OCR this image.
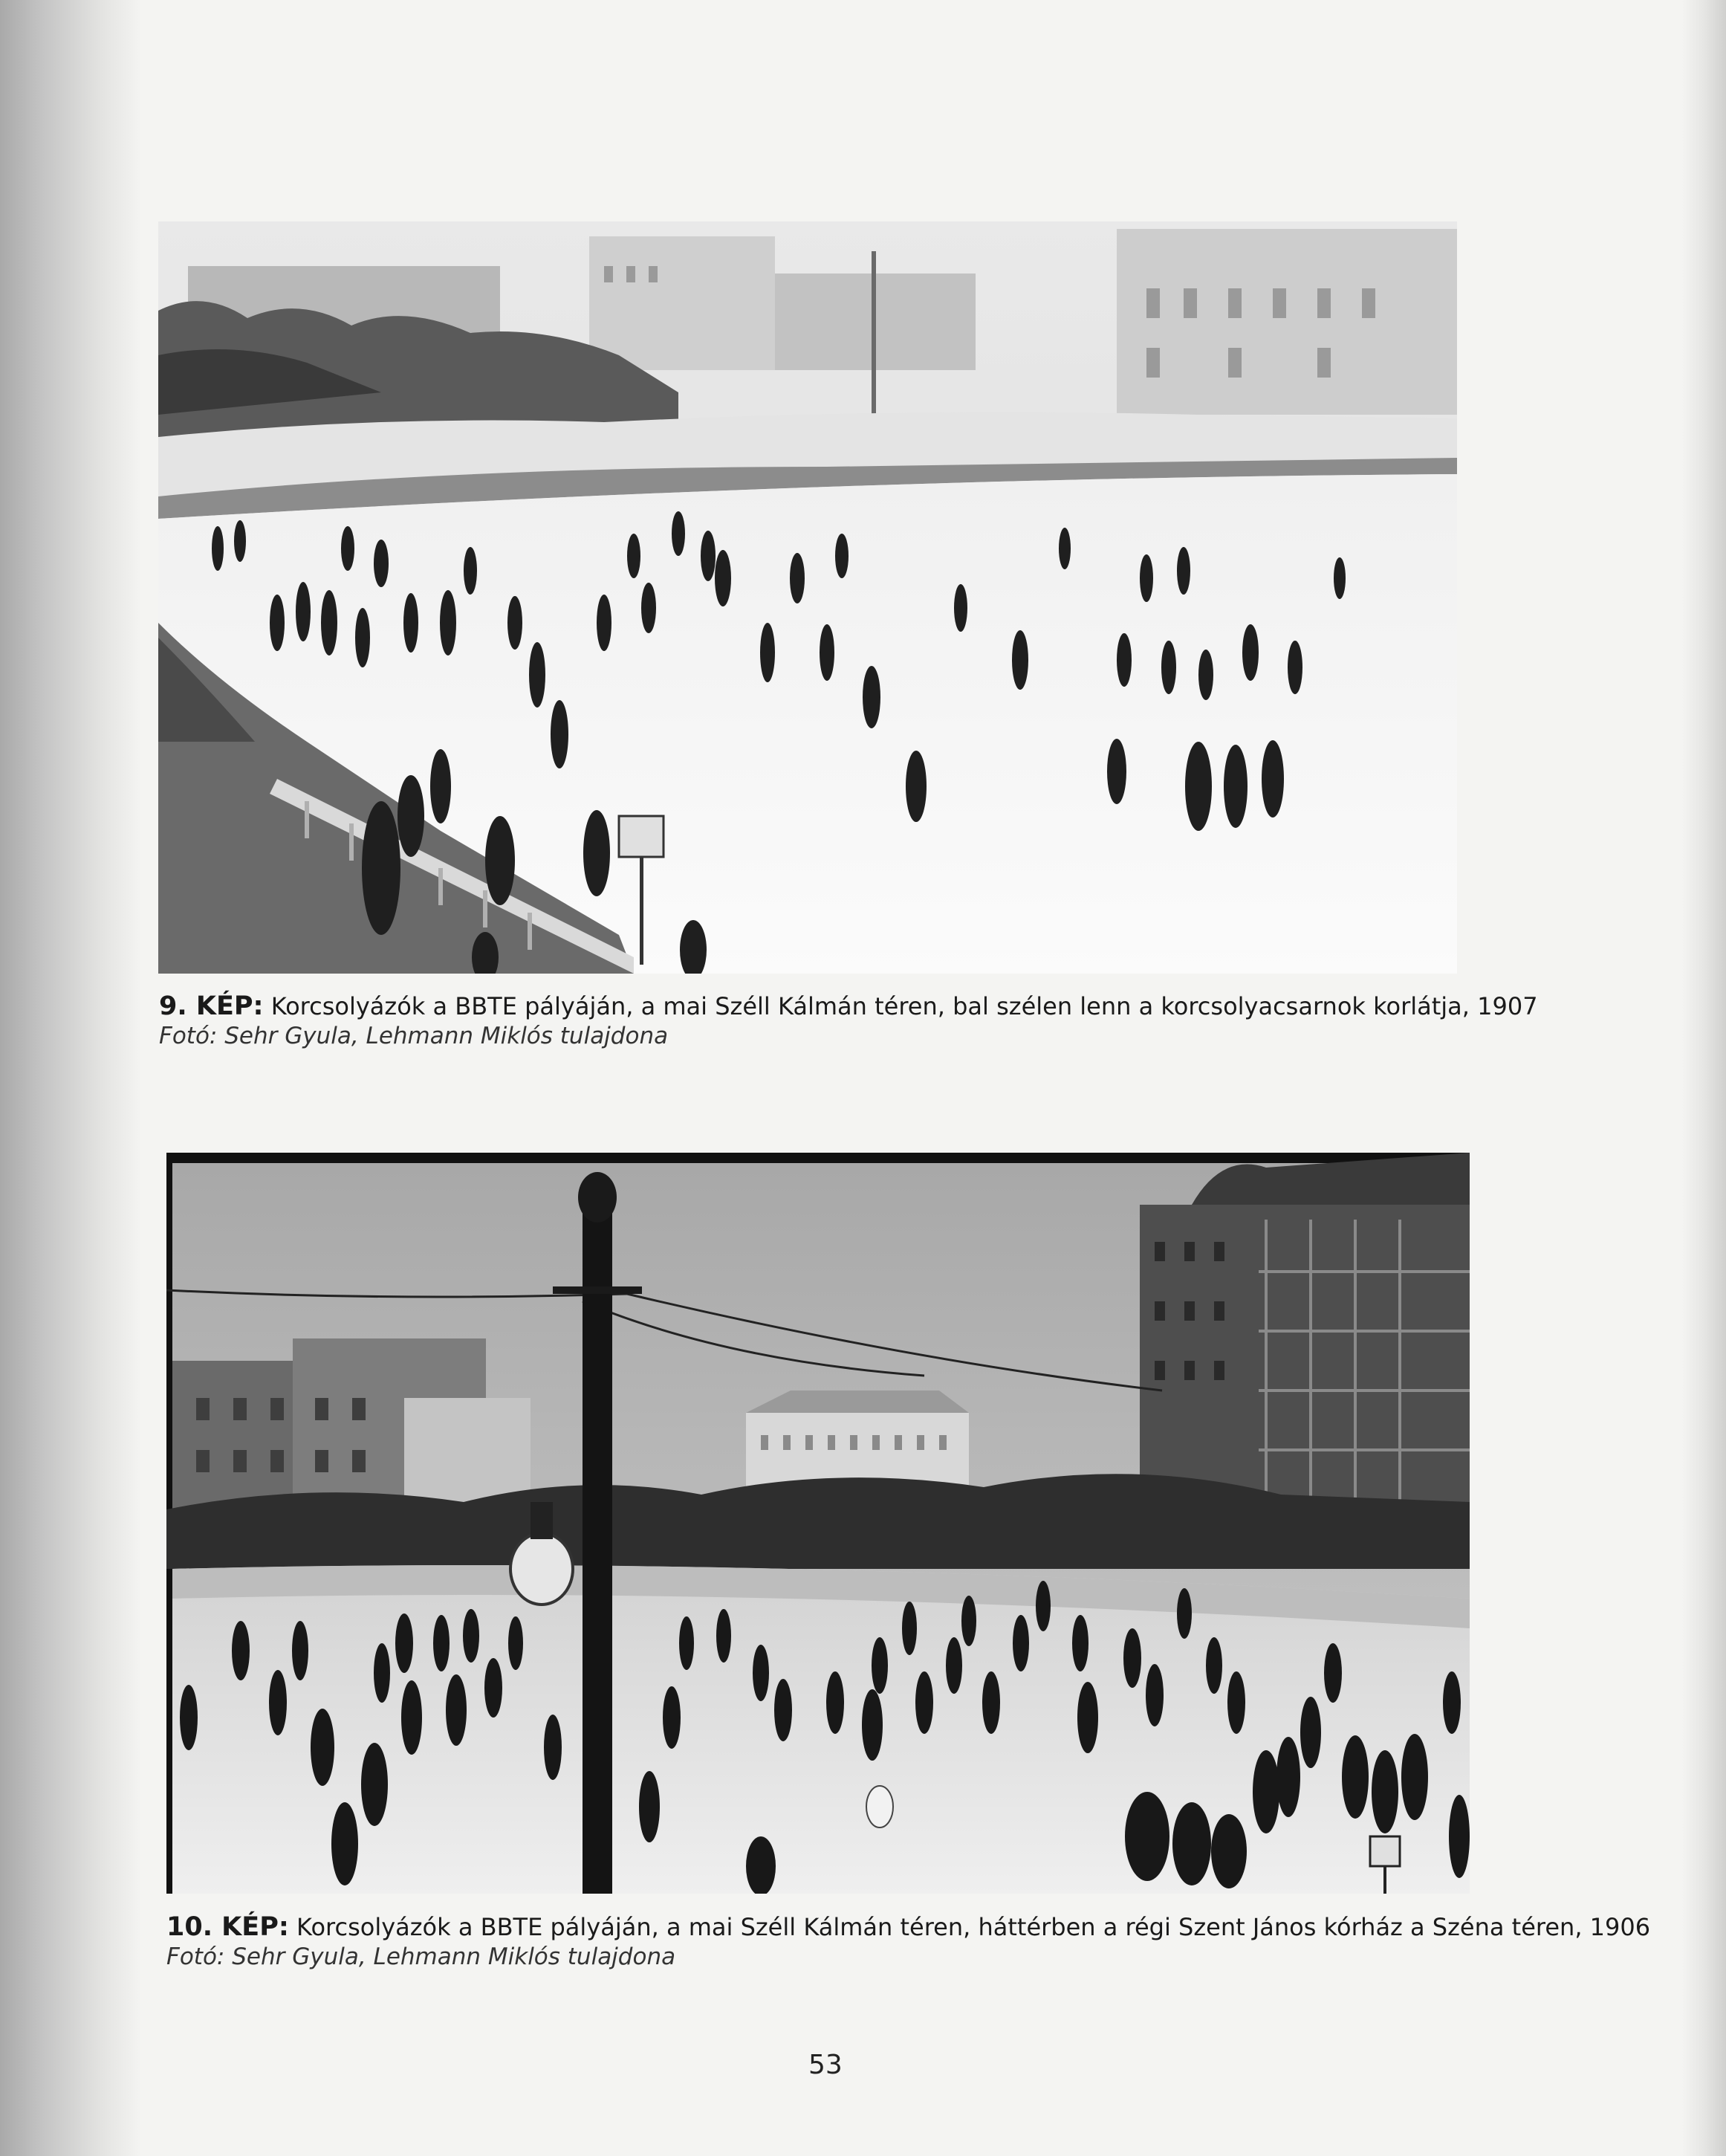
9. KÉP: Korcsolyázók a BBTE pályáján, a mai Széll Kálmán téren, bal szélen lenn a korcsolyacsarnok korlátja, 1907
Fotó: Sehr Gyula, Lehmann Miklós tulajdona
10. KÉP: Korcsolyázók a BBTE pályáján, a mai Széll Kálmán téren, háttérben a régi Szent János kórház a Széna téren, 1906
Fotó: Sehr Gyula, Lehmann Miklós tulajdona
53
